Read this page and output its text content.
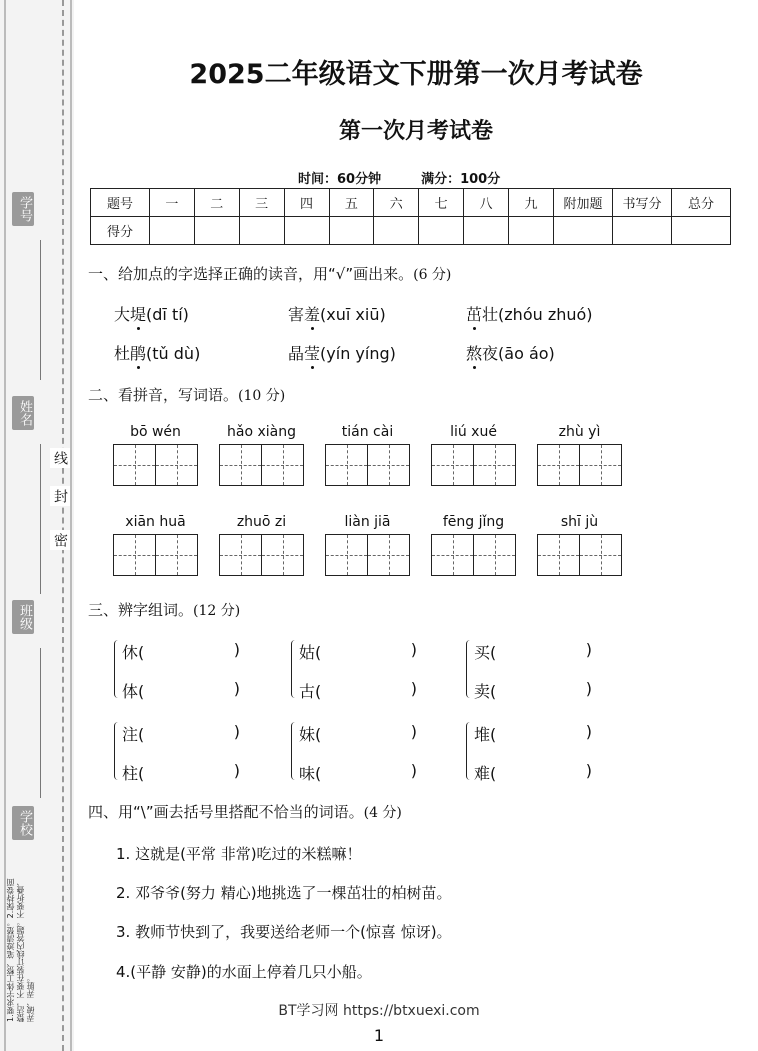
学号
姓名
班级
学校
线
封
密
1.要求字体工整、笔迹清楚。2.保持卷面整洁，不要在装订线内答题。不要折叠、弄破、弄脏。
2025二年级语文下册第一次月考试卷
第一次月考试卷
时间：60分钟	满分：100分
题号	一	二	三	四	五	六	七	八	九	附加题	书写分	总分
得分												
一、给加点的字选择正确的读音，用“√”画出来。(6 分)
大堤(dī tí)	害羞(xuī xiū)	茁壮(zhóu zhuó)
杜鹃(tǔ dù)	晶莹(yín yíng)	熬夜(āo áo)
二、看拼音，写词语。(10 分)
bō wén	hǎo xiàng	tián cài	liú xué	zhù yì
xiān huā	zhuō zi	liàn jiā	fēng jǐng	shī jù
三、辨字组词。(12 分)
休(	)
体(	)
姑(	)
古(	)
买(	)
卖(	)
注(	)
柱(	)
妹(	)
味(	)
堆(	)
难(	)
四、用“\”画去括号里搭配不恰当的词语。(4 分)
1. 这就是(平常 非常)吃过的米糕嘛！
2. 邓爷爷(努力 精心)地挑选了一棵茁壮的柏树苗。
3. 教师节快到了，我要送给老师一个(惊喜 惊讶)。
4.(平静 安静)的水面上停着几只小船。
BT学习网 https://btxuexi.com
1
